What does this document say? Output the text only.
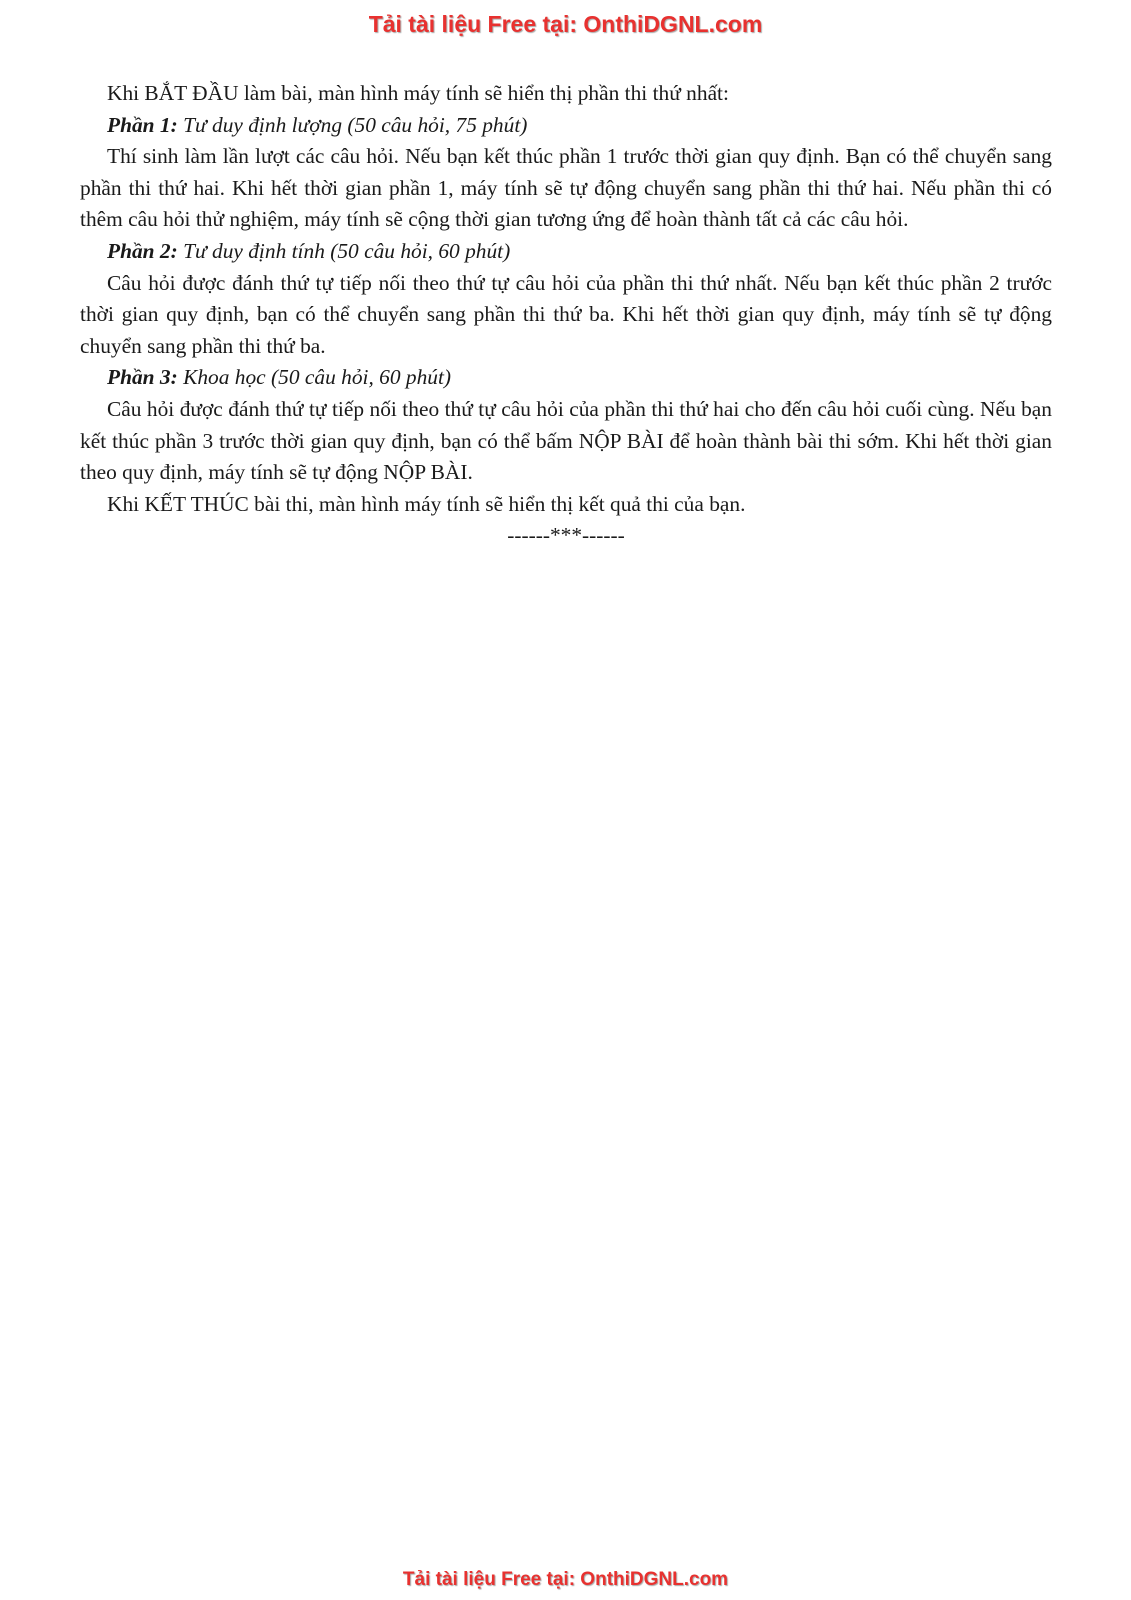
Tải tài liệu Free tại: OnthiDGNL.com

Khi BẮT ĐẦU làm bài, màn hình máy tính sẽ hiển thị phần thi thứ nhất:

Phần 1: Tư duy định lượng (50 câu hỏi, 75 phút)

Thí sinh làm lần lượt các câu hỏi. Nếu bạn kết thúc phần 1 trước thời gian quy định. Bạn có thể chuyển sang phần thi thứ hai. Khi hết thời gian phần 1, máy tính sẽ tự động chuyển sang phần thi thứ hai. Nếu phần thi có thêm câu hỏi thử nghiệm, máy tính sẽ cộng thời gian tương ứng để hoàn thành tất cả các câu hỏi.

Phần 2: Tư duy định tính (50 câu hỏi, 60 phút)

Câu hỏi được đánh thứ tự tiếp nối theo thứ tự câu hỏi của phần thi thứ nhất. Nếu bạn kết thúc phần 2 trước thời gian quy định, bạn có thể chuyển sang phần thi thứ ba. Khi hết thời gian quy định, máy tính sẽ tự động chuyển sang phần thi thứ ba.

Phần 3: Khoa học (50 câu hỏi, 60 phút)

Câu hỏi được đánh thứ tự tiếp nối theo thứ tự câu hỏi của phần thi thứ hai cho đến câu hỏi cuối cùng. Nếu bạn kết thúc phần 3 trước thời gian quy định, bạn có thể bấm NỘP BÀI để hoàn thành bài thi sớm. Khi hết thời gian theo quy định, máy tính sẽ tự động NỘP BÀI.

Khi KẾT THÚC bài thi, màn hình máy tính sẽ hiển thị kết quả thi của bạn.

------***------

Tải tài liệu Free tại: OnthiDGNL.com
